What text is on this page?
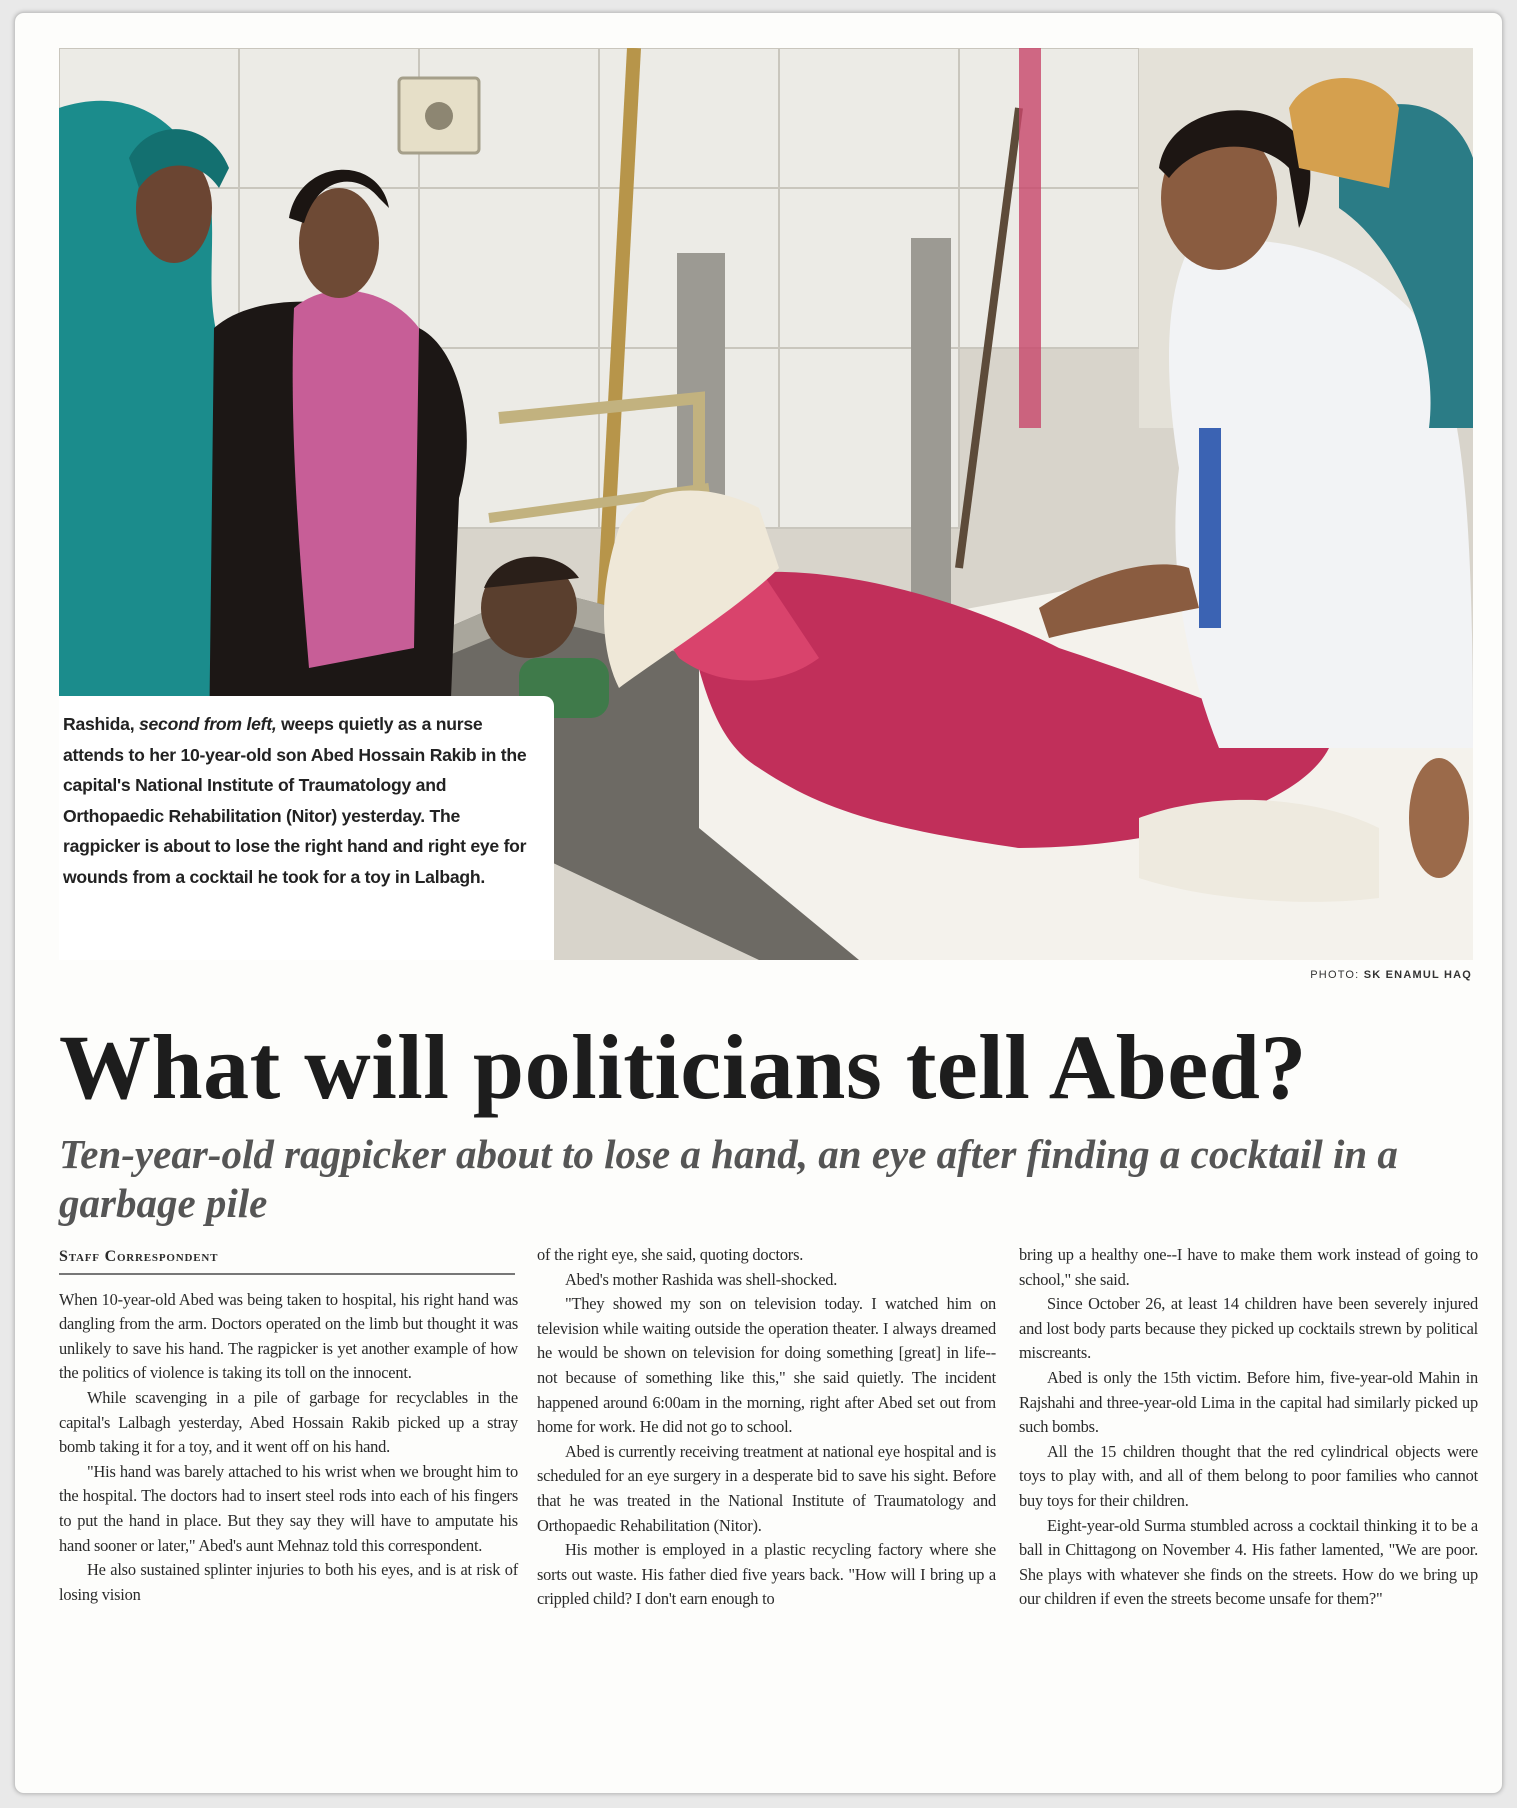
Rashida, second from left, weeps quietly as a nurse attends to her 10-year-old son Abed Hossain Rakib in the capital's National Institute of Traumatology and Orthopaedic Rehabilitation (Nitor) yesterday. The ragpicker is about to lose the right hand and right eye for wounds from a cocktail he took for a toy in Lalbagh.
PHOTO: SK ENAMUL HAQ
What will politicians tell Abed?
Ten-year-old ragpicker about to lose a hand, an eye after finding a cocktail in a garbage pile
Staff Correspondent

When 10-year-old Abed was being taken to hospital, his right hand was dangling from the arm. Doctors operated on the limb but thought it was unlikely to save his hand. The ragpicker is yet another example of how the politics of violence is taking its toll on the innocent.

While scavenging in a pile of garbage for recyclables in the capital's Lalbagh yesterday, Abed Hossain Rakib picked up a stray bomb taking it for a toy, and it went off on his hand.

"His hand was barely attached to his wrist when we brought him to the hospital. The doctors had to insert steel rods into each of his fingers to put the hand in place. But they say they will have to amputate his hand sooner or later," Abed's aunt Mehnaz told this correspondent.

He also sustained splinter injuries to both his eyes, and is at risk of losing vision

of the right eye, she said, quoting doctors.

Abed's mother Rashida was shell-shocked.

"They showed my son on television today. I watched him on television while waiting outside the operation theater. I always dreamed he would be shown on television for doing something [great] in life--not because of something like this," she said quietly. The incident happened around 6:00am in the morning, right after Abed set out from home for work. He did not go to school.

Abed is currently receiving treatment at national eye hospital and is scheduled for an eye surgery in a desperate bid to save his sight. Before that he was treated in the National Institute of Traumatology and Orthopaedic Rehabilitation (Nitor).

His mother is employed in a plastic recycling factory where she sorts out waste. His father died five years back. "How will I bring up a crippled child? I don't earn enough to

bring up a healthy one--I have to make them work instead of going to school," she said.

Since October 26, at least 14 children have been severely injured and lost body parts because they picked up cocktails strewn by political miscreants.

Abed is only the 15th victim. Before him, five-year-old Mahin in Rajshahi and three-year-old Lima in the capital had similarly picked up such bombs.

All the 15 children thought that the red cylindrical objects were toys to play with, and all of them belong to poor families who cannot buy toys for their children.

Eight-year-old Surma stumbled across a cocktail thinking it to be a ball in Chittagong on November 4. His father lamented, "We are poor. She plays with whatever she finds on the streets. How do we bring up our children if even the streets become unsafe for them?"
